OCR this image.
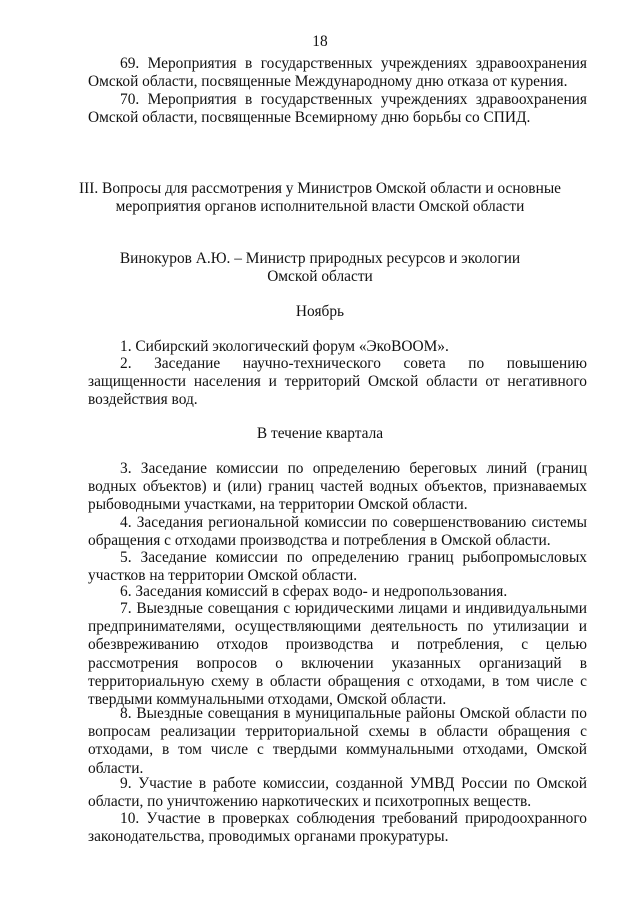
18
69. Мероприятия в государственных учреждениях здравоохранения Омской области, посвященные Международному дню отказа от курения.
70. Мероприятия в государственных учреждениях здравоохранения Омской области, посвященные Всемирному дню борьбы со СПИД.
III. Вопросы для рассмотрения у Министров Омской области и основные
мероприятия органов исполнительной власти Омской области
Винокуров А.Ю. – Министр природных ресурсов и экологии
Омской области
Ноябрь
1. Сибирский экологический форум «ЭкоВООМ».
2. Заседание научно-технического совета по повышению защищенности населения и территорий Омской области от негативного воздействия вод.
В течение квартала
3. Заседание комиссии по определению береговых линий (границ водных объектов) и (или) границ частей водных объектов, признаваемых рыбоводными участками, на территории Омской области.
4. Заседания региональной комиссии по совершенствованию системы обращения с отходами производства и потребления в Омской области.
5. Заседание комиссии по определению границ рыбопромысловых участков на территории Омской области.
6. Заседания комиссий в сферах водо- и недропользования.
7. Выездные совещания с юридическими лицами и индивидуальными предпринимателями, осуществляющими деятельность по утилизации и обезвреживанию отходов производства и потребления, с целью рассмотрения вопросов о включении указанных организаций в территориальную схему в области обращения с отходами, в том числе с твердыми коммунальными отходами, Омской области.
8. Выездные совещания в муниципальные районы Омской области по вопросам реализации территориальной схемы в области обращения с отходами, в том числе с твердыми коммунальными отходами, Омской области.
9. Участие в работе комиссии, созданной УМВД России по Омской области, по уничтожению наркотических и психотропных веществ.
10. Участие в проверках соблюдения требований природоохранного законодательства, проводимых органами прокуратуры.
